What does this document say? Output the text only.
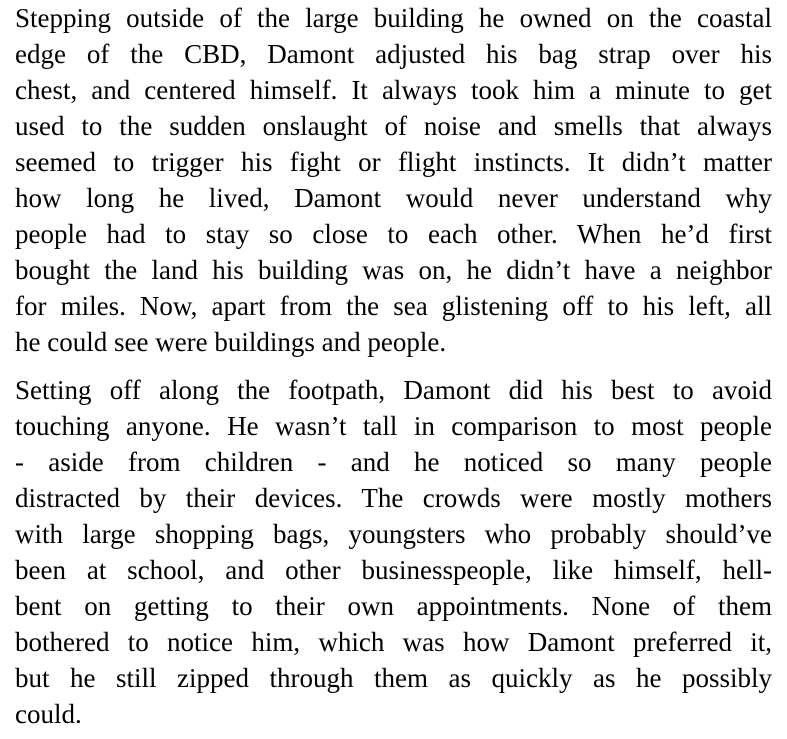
Stepping outside of the large building he owned on the coastal
edge of the CBD, Damont adjusted his bag strap over his
chest, and centered himself. It always took him a minute to get
used to the sudden onslaught of noise and smells that always
seemed to trigger his fight or flight instincts. It didn’t matter
how long he lived, Damont would never understand why
people had to stay so close to each other. When he’d first
bought the land his building was on, he didn’t have a neighbor
for miles. Now, apart from the sea glistening off to his left, all
he could see were buildings and people.
Setting off along the footpath, Damont did his best to avoid
touching anyone. He wasn’t tall in comparison to most people
- aside from children - and he noticed so many people
distracted by their devices. The crowds were mostly mothers
with large shopping bags, youngsters who probably should’ve
been at school, and other businesspeople, like himself, hell-
bent on getting to their own appointments. None of them
bothered to notice him, which was how Damont preferred it,
but he still zipped through them as quickly as he possibly
could.
